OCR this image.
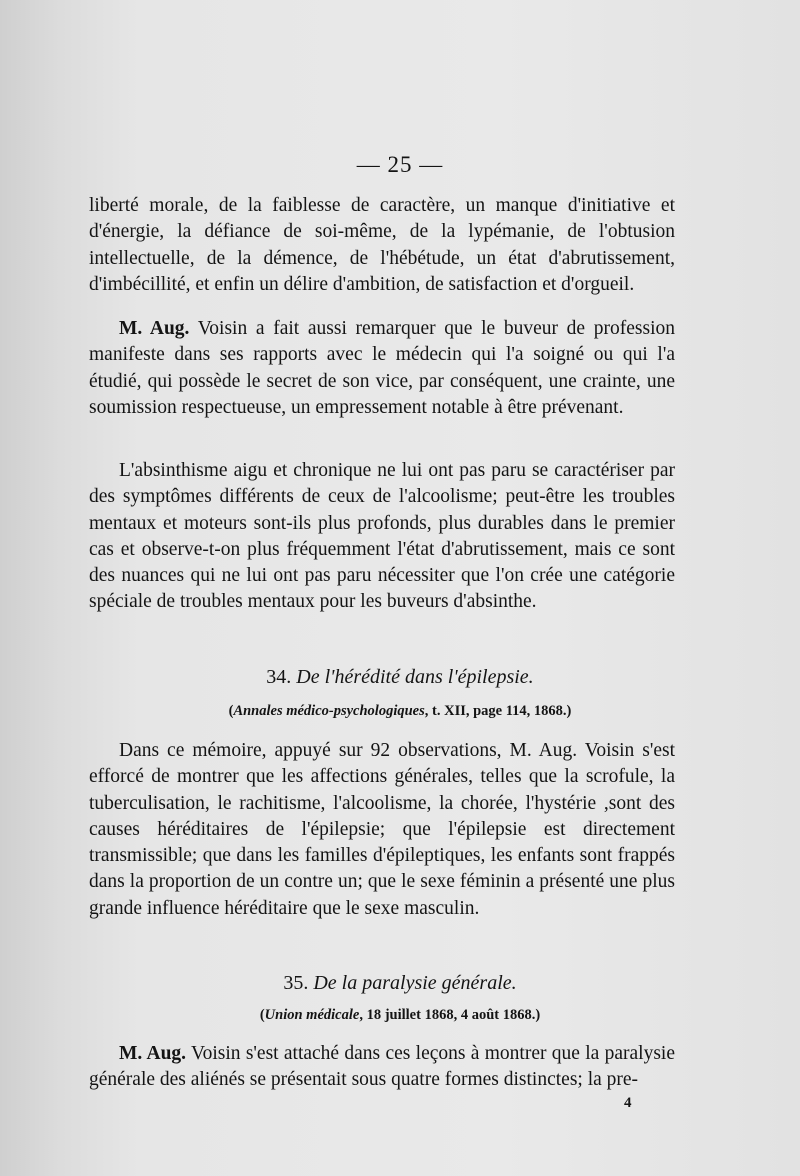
— 25 —

liberté morale, de la faiblesse de caractère, un manque d'initiative et d'énergie, la défiance de soi-même, de la lypémanie, de l'obtusion intellectuelle, de la démence, de l'hébétude, un état d'abrutissement, d'imbécillité, et enfin un délire d'ambition, de satisfaction et d'orgueil.

M. Aug. Voisin a fait aussi remarquer que le buveur de profession manifeste dans ses rapports avec le médecin qui l'a soigné ou qui l'a étudié, qui possède le secret de son vice, par conséquent, une crainte, une soumission respectueuse, un empressement notable à être prévenant.

L'absinthisme aigu et chronique ne lui ont pas paru se caractériser par des symptômes différents de ceux de l'alcoolisme; peut-être les troubles mentaux et moteurs sont-ils plus profonds, plus durables dans le premier cas et observe-t-on plus fréquemment l'état d'abrutissement, mais ce sont des nuances qui ne lui ont pas paru nécessiter que l'on crée une catégorie spéciale de troubles mentaux pour les buveurs d'absinthe.

34. De l'hérédité dans l'épilepsie.
(Annales médico-psychologiques, t. XII, page 114, 1868.)

Dans ce mémoire, appuyé sur 92 observations, M. Aug. Voisin s'est efforcé de montrer que les affections générales, telles que la scrofule, la tuberculisation, le rachitisme, l'alcoolisme, la chorée, l'hystérie ,sont des causes héréditaires de l'épilepsie; que l'épilepsie est directement transmissible; que dans les familles d'épileptiques, les enfants sont frappés dans la proportion de un contre un; que le sexe féminin a présenté une plus grande influence héréditaire que le sexe masculin.

35. De la paralysie générale.
(Union médicale, 18 juillet 1868, 4 août 1868.)

M. Aug. Voisin s'est attaché dans ces leçons à montrer que la paralysie générale des aliénés se présentait sous quatre formes distinctes; la pre-

4
